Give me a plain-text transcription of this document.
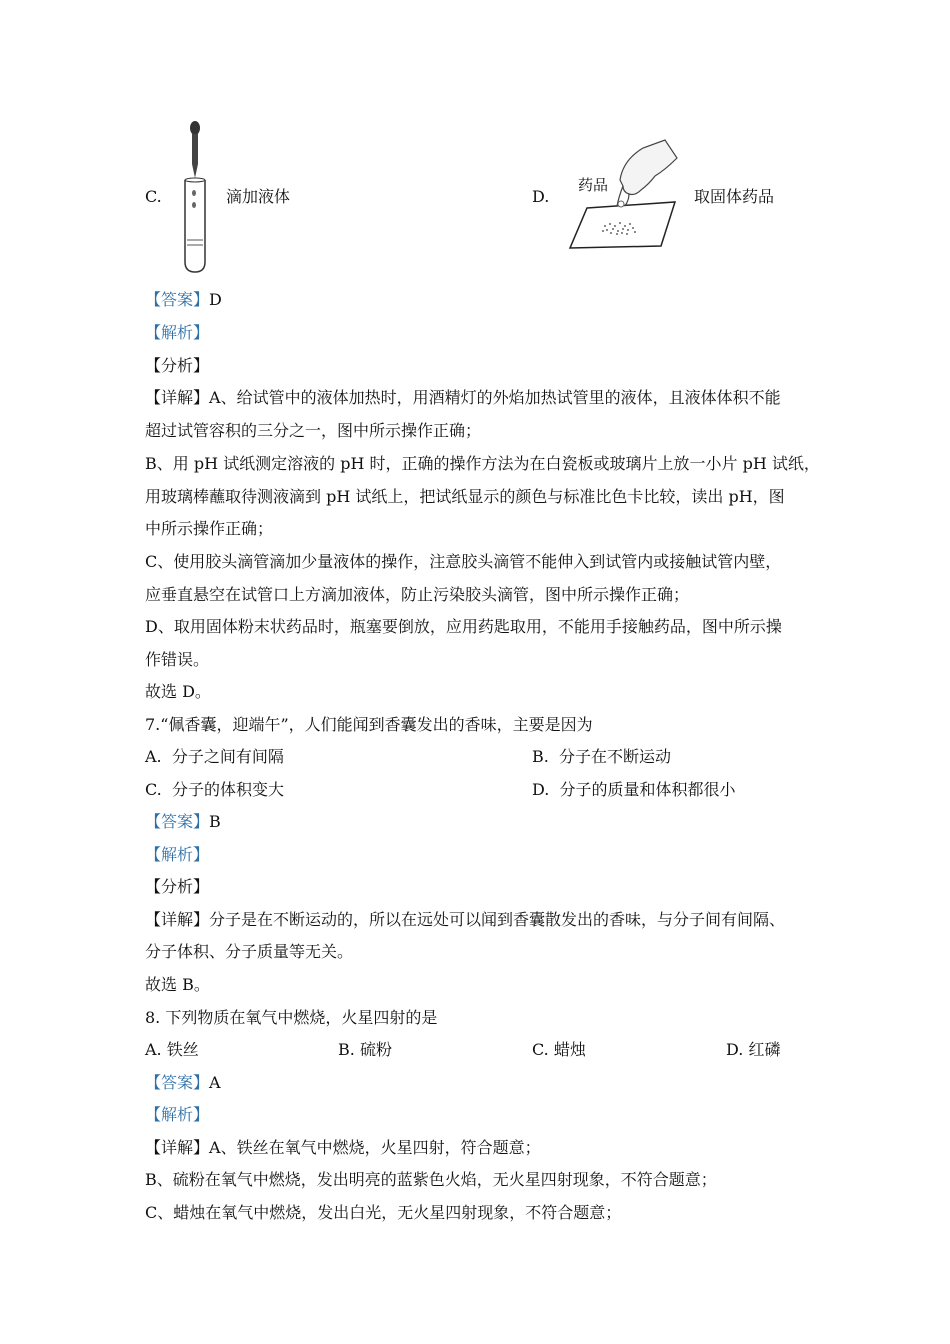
C.	滴加液体	D.
药品
取固体药品
【答案】D
【解析】
【分析】
【详解】A、给试管中的液体加热时，用酒精灯的外焰加热试管里的液体，且液体体积不能
超过试管容积的三分之一，图中所示操作正确；
B、用 pH 试纸测定溶液的 pH 时，正确的操作方法为在白瓷板或玻璃片上放一小片 pH 试纸，
用玻璃棒蘸取待测液滴到 pH 试纸上，把试纸显示的颜色与标准比色卡比较，读出 pH，图
中所示操作正确；
C、使用胶头滴管滴加少量液体的操作，注意胶头滴管不能伸入到试管内或接触试管内壁，
应垂直悬空在试管口上方滴加液体，防止污染胶头滴管，图中所示操作正确；
D、取用固体粉末状药品时，瓶塞要倒放，应用药匙取用，不能用手接触药品，图中所示操
作错误。
故选 D。
7.“佩香囊，迎端午”，人们能闻到香囊发出的香味，主要是因为
A. 分子之间有间隔	B. 分子在不断运动
C. 分子的体积变大	D. 分子的质量和体积都很小
【答案】B
【解析】
【分析】
【详解】分子是在不断运动的，所以在远处可以闻到香囊散发出的香味，与分子间有间隔、
分子体积、分子质量等无关。
故选 B。
8. 下列物质在氧气中燃烧，火星四射的是
A. 铁丝	B. 硫粉	C. 蜡烛	D. 红磷
【答案】A
【解析】
【详解】A、铁丝在氧气中燃烧，火星四射，符合题意；
B、硫粉在氧气中燃烧，发出明亮的蓝紫色火焰，无火星四射现象，不符合题意；
C、蜡烛在氧气中燃烧，发出白光，无火星四射现象，不符合题意；
